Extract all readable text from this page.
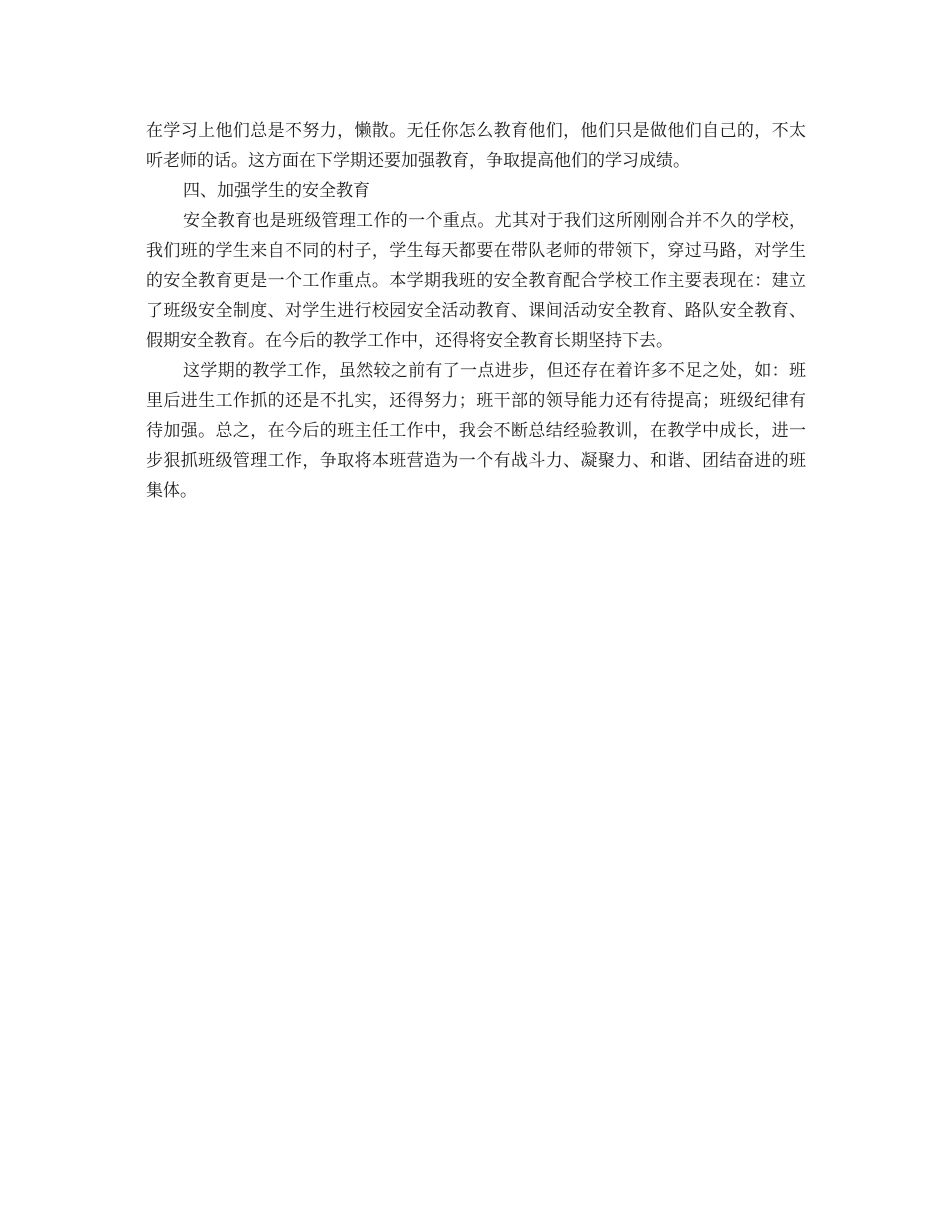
在学习上他们总是不努力，懒散。无任你怎么教育他们，他们只是做他们自己的，不太听老师的话。这方面在下学期还要加强教育，争取提高他们的学习成绩。

四、加强学生的安全教育

安全教育也是班级管理工作的一个重点。尤其对于我们这所刚刚合并不久的学校，我们班的学生来自不同的村子，学生每天都要在带队老师的带领下，穿过马路，对学生的安全教育更是一个工作重点。本学期我班的安全教育配合学校工作主要表现在：建立了班级安全制度、对学生进行校园安全活动教育、课间活动安全教育、路队安全教育、假期安全教育。在今后的教学工作中，还得将安全教育长期坚持下去。

这学期的教学工作，虽然较之前有了一点进步，但还存在着许多不足之处，如：班里后进生工作抓的还是不扎实，还得努力；班干部的领导能力还有待提高；班级纪律有待加强。总之，在今后的班主任工作中，我会不断总结经验教训，在教学中成长，进一步狠抓班级管理工作，争取将本班营造为一个有战斗力、凝聚力、和谐、团结奋进的班集体。
